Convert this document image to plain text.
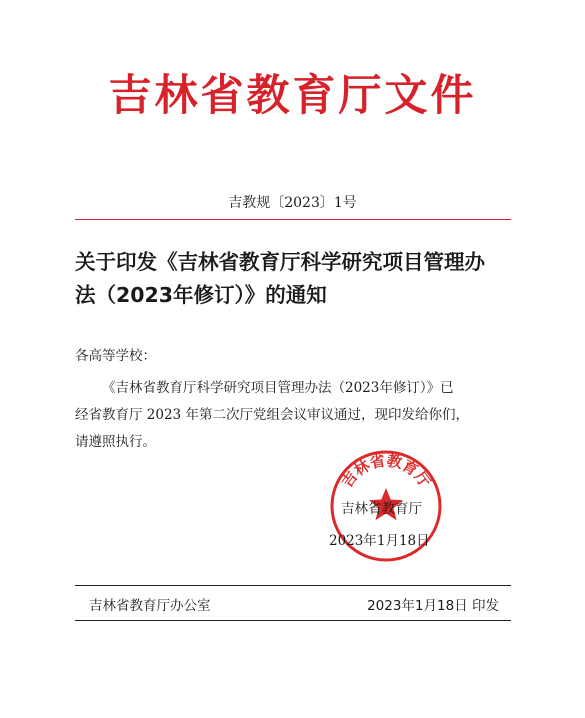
吉林省教育厅文件
吉教规〔2023〕1号
关于印发《吉林省教育厅科学研究项目管理办
法（2023年修订）》的通知
各高等学校：
《吉林省教育厅科学研究项目管理办法（2023年修订）》已
经省教育厅 2023 年第二次厅党组会议审议通过，现印发给你们，
请遵照执行。
吉林省教育厅
吉林省教育厅
2023年1月18日
吉林省教育厅办公室	2023年1月18日 印发
